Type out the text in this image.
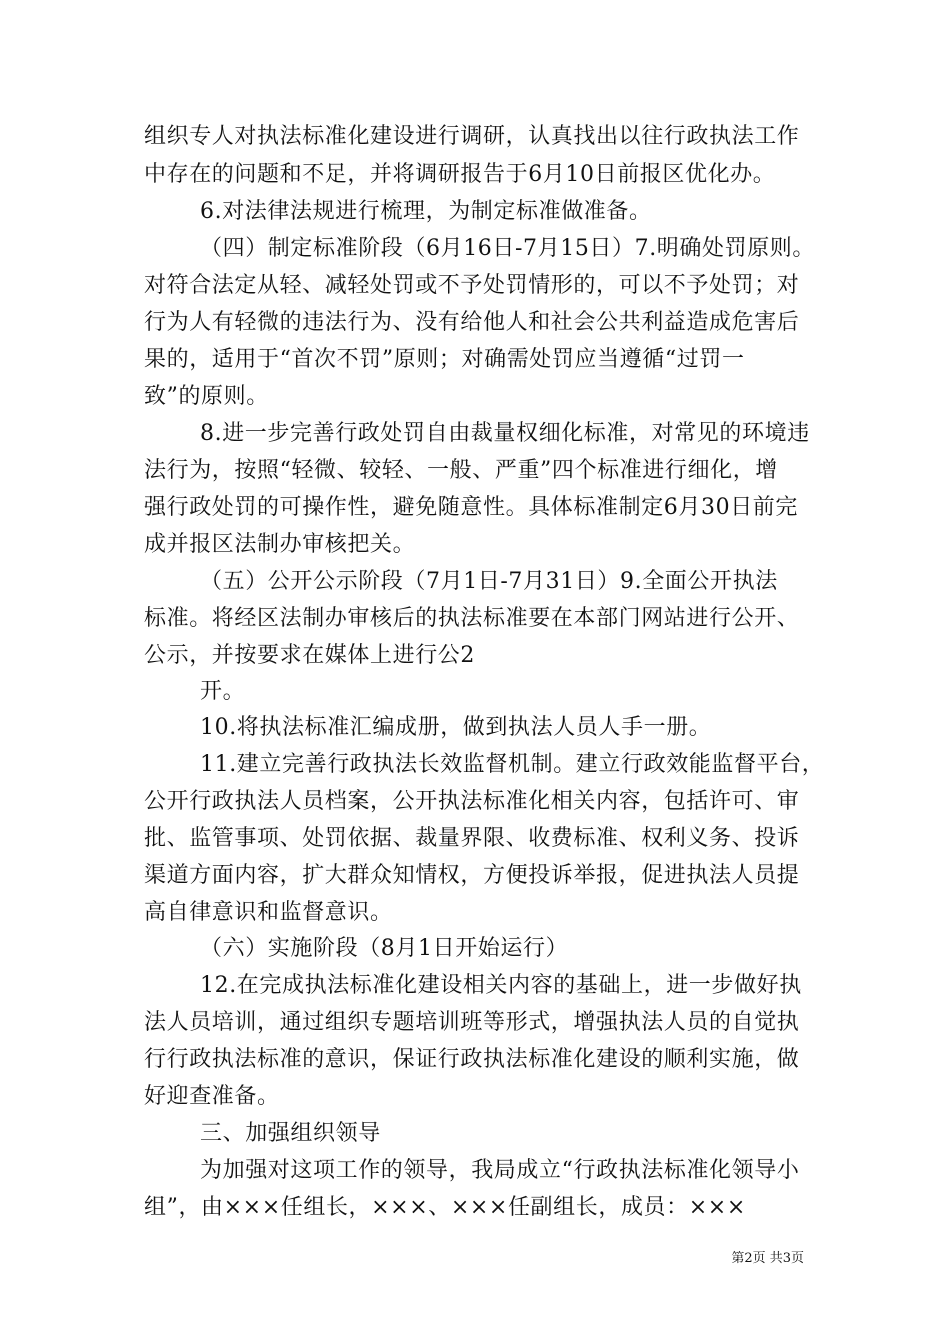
组织专人对执法标准化建设进行调研，认真找出以往行政执法工作
中存在的问题和不足，并将调研报告于6月10日前报区优化办。
6.对法律法规进行梳理，为制定标准做准备。
（四）制定标准阶段（6月16日-7月15日）7.明确处罚原则。
对符合法定从轻、减轻处罚或不予处罚情形的，可以不予处罚；对
行为人有轻微的违法行为、没有给他人和社会公共利益造成危害后
果的，适用于“首次不罚”原则；对确需处罚应当遵循“过罚一
致”的原则。
8.进一步完善行政处罚自由裁量权细化标准，对常见的环境违
法行为，按照“轻微、较轻、一般、严重”四个标准进行细化，增
强行政处罚的可操作性，避免随意性。具体标准制定6月30日前完
成并报区法制办审核把关。
（五）公开公示阶段（7月1日-7月31日）9.全面公开执法
标准。将经区法制办审核后的执法标准要在本部门网站进行公开、
公示，并按要求在媒体上进行公2
开。
10.将执法标准汇编成册，做到执法人员人手一册。
11.建立完善行政执法长效监督机制。建立行政效能监督平台，
公开行政执法人员档案，公开执法标准化相关内容，包括许可、审
批、监管事项、处罚依据、裁量界限、收费标准、权利义务、投诉
渠道方面内容，扩大群众知情权，方便投诉举报，促进执法人员提
高自律意识和监督意识。
（六）实施阶段（8月1日开始运行）
12.在完成执法标准化建设相关内容的基础上，进一步做好执
法人员培训，通过组织专题培训班等形式，增强执法人员的自觉执
行行政执法标准的意识，保证行政执法标准化建设的顺利实施，做
好迎查准备。
三、加强组织领导
为加强对这项工作的领导，我局成立“行政执法标准化领导小
组”，由×××任组长，×××、×××任副组长，成员：×××
第2页 共3页
